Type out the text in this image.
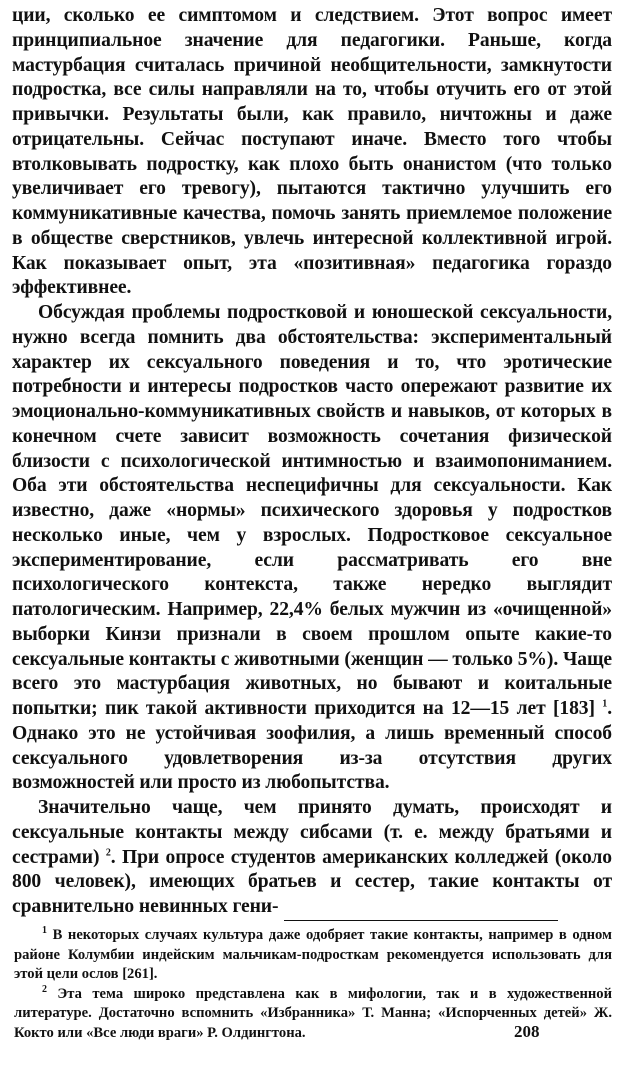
ции, сколько ее симптомом и следствием. Этот вопрос имеет принципиальное значение для педагогики. Раньше, когда мастурбация считалась причиной необщительности, замкнутости подростка, все силы направляли на то, чтобы отучить его от этой привычки. Результаты были, как правило, ничтожны и даже отрицательны. Сейчас поступают иначе. Вместо того чтобы втолковывать подростку, как плохо быть онанистом (что только увеличивает его тревогу), пытаются тактично улучшить его коммуникативные качества, помочь занять приемлемое положение в обществе сверстников, увлечь интересной коллективной игрой. Как показывает опыт, эта «позитивная» педагогика гораздо эффективнее.

Обсуждая проблемы подростковой и юношеской сексуальности, нужно всегда помнить два обстоятельства: экспериментальный характер их сексуального поведения и то, что эротические потребности и интересы подростков часто опережают развитие их эмоционально-коммуникативных свойств и навыков, от которых в конечном счете зависит возможность сочетания физической близости с психологической интимностью и взаимопониманием. Оба эти обстоятельства неспецифичны для сексуальности. Как известно, даже «нормы» психического здоровья у подростков несколько иные, чем у взрослых. Подростковое сексуальное экспериментирование, если рассматривать его вне психологического контекста, также нередко выглядит патологическим. Например, 22,4% белых мужчин из «очищенной» выборки Кинзи признали в своем прошлом опыте какие-то сексуальные контакты с животными (женщин — только 5%). Чаще всего это мастурбация животных, но бывают и коитальные попытки; пик такой активности приходится на 12—15 лет [183] $^1$. Однако это не устойчивая зоофилия, а лишь временный способ сексуального удовлетворения из-за отсутствия других возможностей или просто из любопытства.

Значительно чаще, чем принято думать, происходят и сексуальные контакты между сибсами (т. е. между братьями и сестрами) $^2$. При опросе студентов американских колледжей (около 800 человек), имеющих братьев и сестер, такие контакты от сравнительно невинных гени-

$^1$ В некоторых случаях культура даже одобряет такие контакты, например в одном районе Колумбии индейским мальчикам-подросткам рекомендуется использовать для этой цели ослов [261].

$^2$ Эта тема широко представлена как в мифологии, так и в художественной литературе. Достаточно вспомнить «Избранника» Т. Манна; «Испорченных детей» Ж. Кокто или «Все люди враги» Р. Олдингтона.	208
